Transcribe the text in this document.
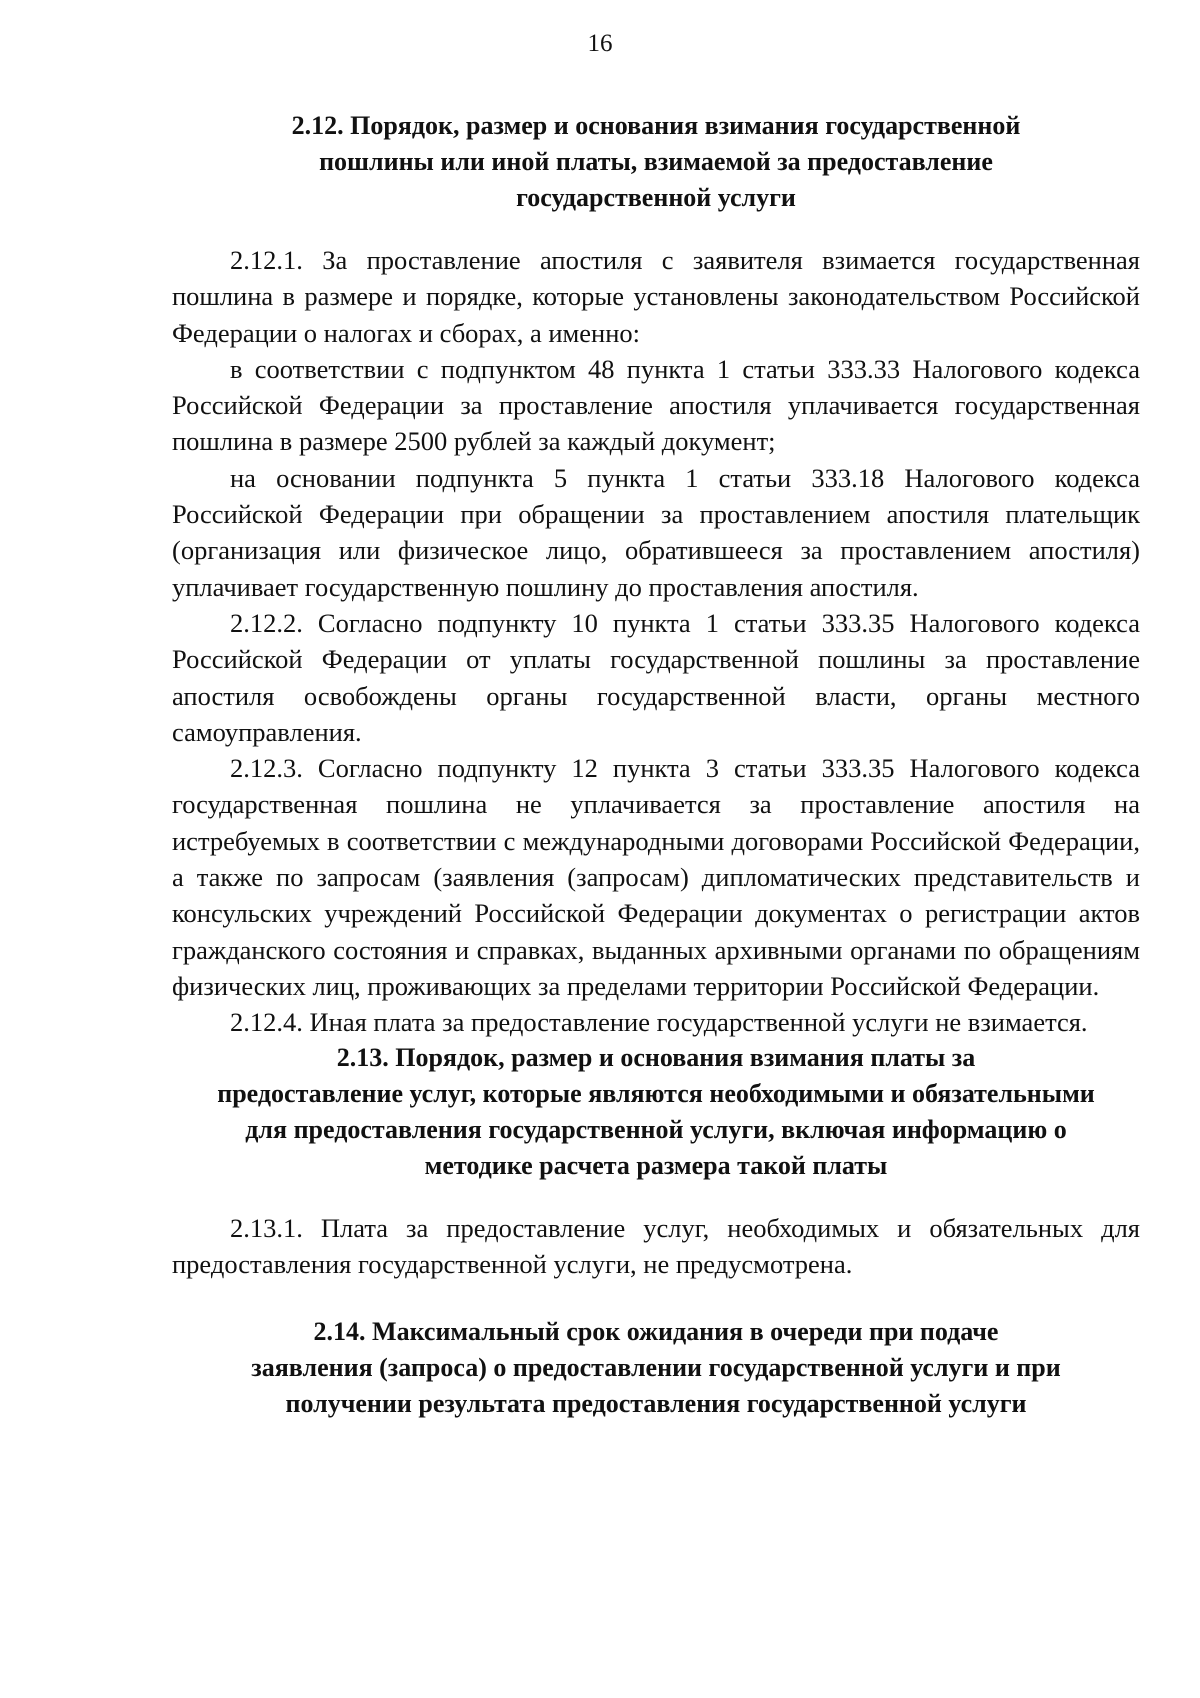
16
2.12. Порядок, размер и основания взимания государственной
пошлины или иной платы, взимаемой за предоставление
государственной услуги

2.12.1. За проставление апостиля с заявителя взимается государственная пошлина в размере и порядке, которые установлены законодательством Российской Федерации о налогах и сборах, а именно:

в соответствии с подпунктом 48 пункта 1 статьи 333.33 Налогового кодекса Российской Федерации за проставление апостиля уплачивается государственная пошлина в размере 2500 рублей за каждый документ;

на основании подпункта 5 пункта 1 статьи 333.18 Налогового кодекса Российской Федерации при обращении за проставлением апостиля плательщик (организация или физическое лицо, обратившееся за проставлением апостиля) уплачивает государственную пошлину до проставления апостиля.

2.12.2. Согласно подпункту 10 пункта 1 статьи 333.35 Налогового кодекса Российской Федерации от уплаты государственной пошлины за проставление апостиля освобождены органы государственной власти, органы местного самоуправления.

2.12.3. Согласно подпункту 12 пункта 3 статьи 333.35 Налогового кодекса государственная пошлина не уплачивается за проставление апостиля на истребуемых в соответствии с международными договорами Российской Федерации, а также по запросам (заявления (запросам) дипломатических представительств и консульских учреждений Российской Федерации документах о регистрации актов гражданского состояния и справках, выданных архивными органами по обращениям физических лиц, проживающих за пределами территории Российской Федерации.

2.12.4. Иная плата за предоставление государственной услуги не взимается.

2.13. Порядок, размер и основания взимания платы за
предоставление услуг, которые являются необходимыми и обязательными
для предоставления государственной услуги, включая информацию о
методике расчета размера такой платы

2.13.1. Плата за предоставление услуг, необходимых и обязательных для предоставления государственной услуги, не предусмотрена.

2.14. Максимальный срок ожидания в очереди при подаче
заявления (запроса) о предоставлении государственной услуги и при
получении результата предоставления государственной услуги
